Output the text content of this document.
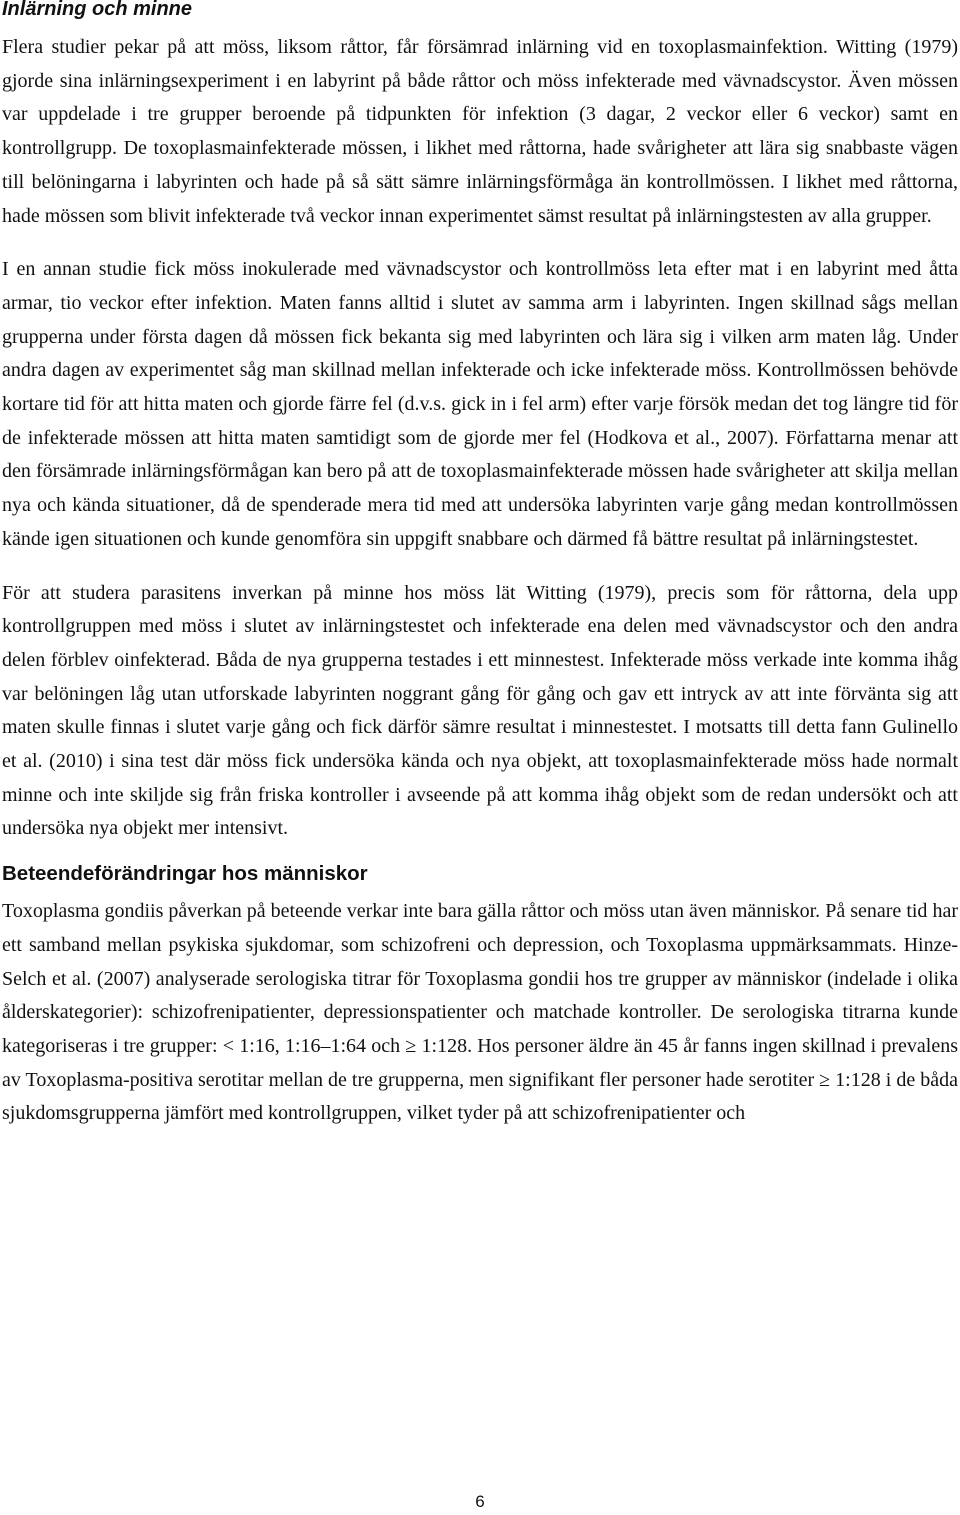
Inlärning och minne

Flera studier pekar på att möss, liksom råttor, får försämrad inlärning vid en toxoplasmainfektion. Witting (1979) gjorde sina inlärningsexperiment i en labyrint på både råttor och möss infekterade med vävnadscystor. Även mössen var uppdelade i tre grupper beroende på tidpunkten för infektion (3 dagar, 2 veckor eller 6 veckor) samt en kontrollgrupp. De toxoplasmainfekterade mössen, i likhet med råttorna, hade svårigheter att lära sig snabbaste vägen till belöningarna i labyrinten och hade på så sätt sämre inlärningsförmåga än kontrollmössen. I likhet med råttorna, hade mössen som blivit infekterade två veckor innan experimentet sämst resultat på inlärningstesten av alla grupper.

I en annan studie fick möss inokulerade med vävnadscystor och kontrollmöss leta efter mat i en labyrint med åtta armar, tio veckor efter infektion. Maten fanns alltid i slutet av samma arm i labyrinten. Ingen skillnad sågs mellan grupperna under första dagen då mössen fick bekanta sig med labyrinten och lära sig i vilken arm maten låg. Under andra dagen av experimentet såg man skillnad mellan infekterade och icke infekterade möss. Kontrollmössen behövde kortare tid för att hitta maten och gjorde färre fel (d.v.s. gick in i fel arm) efter varje försök medan det tog längre tid för de infekterade mössen att hitta maten samtidigt som de gjorde mer fel (Hodkova et al., 2007). Författarna menar att den försämrade inlärningsförmågan kan bero på att de toxoplasmainfekterade mössen hade svårigheter att skilja mellan nya och kända situationer, då de spenderade mera tid med att undersöka labyrinten varje gång medan kontrollmössen kände igen situationen och kunde genomföra sin uppgift snabbare och därmed få bättre resultat på inlärningstestet.

För att studera parasitens inverkan på minne hos möss lät Witting (1979), precis som för råttorna, dela upp kontrollgruppen med möss i slutet av inlärningstestet och infekterade ena delen med vävnadscystor och den andra delen förblev oinfekterad. Båda de nya grupperna testades i ett minnestest. Infekterade möss verkade inte komma ihåg var belöningen låg utan utforskade labyrinten noggrant gång för gång och gav ett intryck av att inte förvänta sig att maten skulle finnas i slutet varje gång och fick därför sämre resultat i minnestestet. I motsatts till detta fann Gulinello et al. (2010) i sina test där möss fick undersöka kända och nya objekt, att toxoplasmainfekterade möss hade normalt minne och inte skiljde sig från friska kontroller i avseende på att komma ihåg objekt som de redan undersökt och att undersöka nya objekt mer intensivt.

Beteendeförändringar hos människor

Toxoplasma gondiis påverkan på beteende verkar inte bara gälla råttor och möss utan även människor. På senare tid har ett samband mellan psykiska sjukdomar, som schizofreni och depression, och Toxoplasma uppmärksammats. Hinze-Selch et al. (2007) analyserade serologiska titrar för Toxoplasma gondii hos tre grupper av människor (indelade i olika ålderskategorier): schizofrenipatienter, depressionspatienter och matchade kontroller. De serologiska titrarna kunde kategoriseras i tre grupper: < 1:16, 1:16–1:64 och ≥ 1:128. Hos personer äldre än 45 år fanns ingen skillnad i prevalens av Toxoplasma-positiva serotitar mellan de tre grupperna, men signifikant fler personer hade serotiter ≥ 1:128 i de båda sjukdomsgrupperna jämfört med kontrollgruppen, vilket tyder på att schizofrenipatienter och

6
